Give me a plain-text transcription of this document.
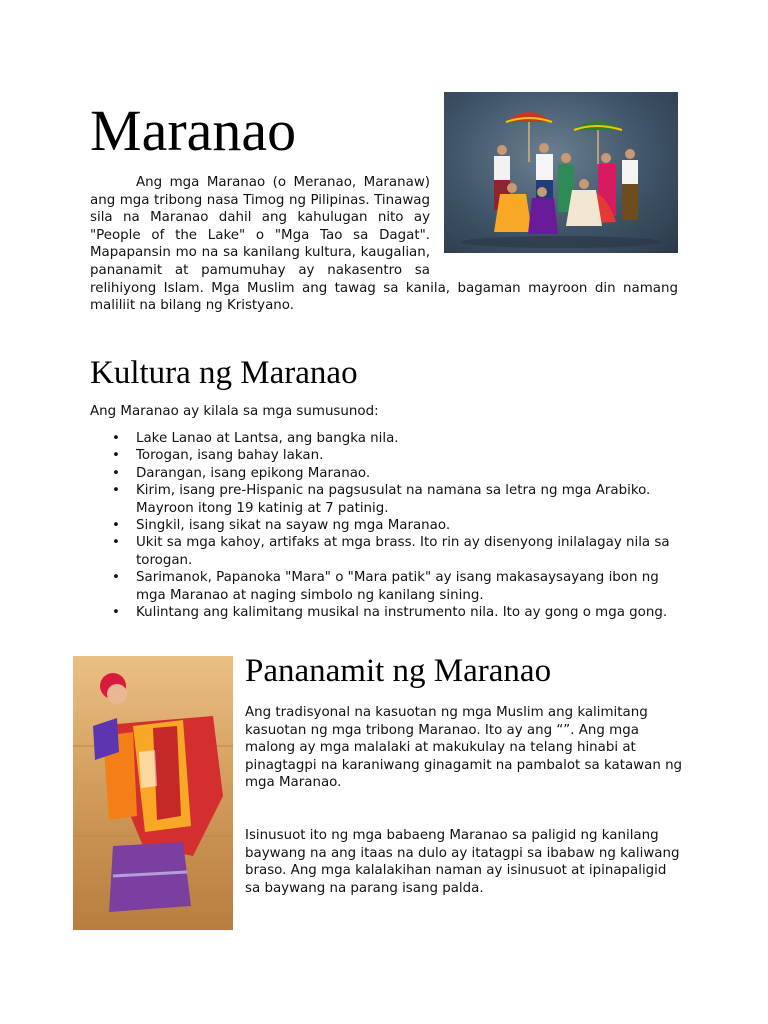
Maranao

Ang mga Maranao (o Meranao, Maranaw) ang mga tribong nasa Timog ng Pilipinas. Tinawag sila na Maranao dahil ang kahulugan nito ay "People of the Lake" o "Mga Tao sa Dagat". Mapapansin mo na sa kanilang kultura, kaugalian, pananamit at pamumuhay ay nakasentro sa relihiyong Islam. Mga Muslim ang tawag sa kanila, bagaman mayroon din namang maliliit na bilang ng Kristyano.

Kultura ng Maranao

Ang Maranao ay kilala sa mga sumusunod:

• Lake Lanao at Lantsa, ang bangka nila.
• Torogan, isang bahay lakan.
• Darangan, isang epikong Maranao.
• Kirim, isang pre-Hispanic na pagsusulat na namana sa letra ng mga Arabiko. Mayroon itong 19 katinig at 7 patinig.
• Singkil, isang sikat na sayaw ng mga Maranao.
• Ukit sa mga kahoy, artifaks at mga brass. Ito rin ay disenyong inilalagay nila sa torogan.
• Sarimanok, Papanoka "Mara" o "Mara patik" ay isang makasaysayang ibon ng mga Maranao at naging simbolo ng kanilang sining.
• Kulintang ang kalimitang musikal na instrumento nila. Ito ay gong o mga gong.
Pananamit ng Maranao

Ang tradisyonal na kasuotan ng mga Muslim ang kalimitang kasuotan ng mga tribong Maranao. Ito ay ang “”. Ang mga malong ay mga malalaki at makukulay na telang hinabi at pinagtagpi na karaniwang ginagamit na pambalot sa katawan ng mga Maranao.

Isinusuot ito ng mga babaeng Maranao sa paligid ng kanilang baywang na ang itaas na dulo ay itatagpi sa ibabaw ng kaliwang braso. Ang mga kalalakihan naman ay isinusuot at ipinapaligid sa baywang na parang isang palda.
